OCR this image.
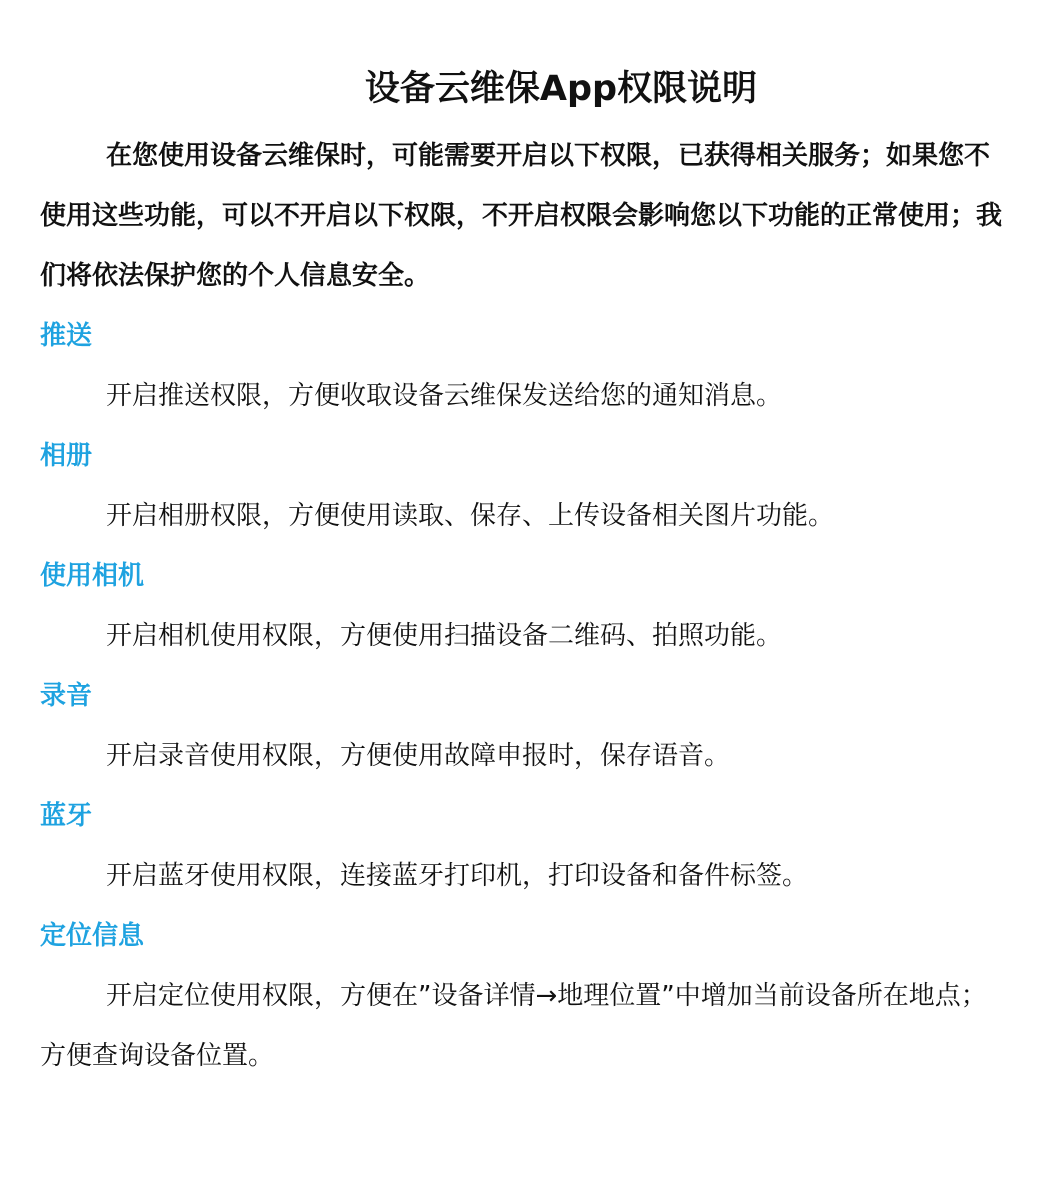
设备云维保App权限说明

在您使用设备云维保时，可能需要开启以下权限，已获得相关服务；如果您不使用这些功能，可以不开启以下权限，不开启权限会影响您以下功能的正常使用；我们将依法保护您的个人信息安全。

推送

开启推送权限，方便收取设备云维保发送给您的通知消息。

相册

开启相册权限，方便使用读取、保存、上传设备相关图片功能。

使用相机

开启相机使用权限，方便使用扫描设备二维码、拍照功能。

录音

开启录音使用权限，方便使用故障申报时，保存语音。

蓝牙

开启蓝牙使用权限，连接蓝牙打印机，打印设备和备件标签。

定位信息

开启定位使用权限，方便在”设备详情→地理位置”中增加当前设备所在地点；方便查询设备位置。
